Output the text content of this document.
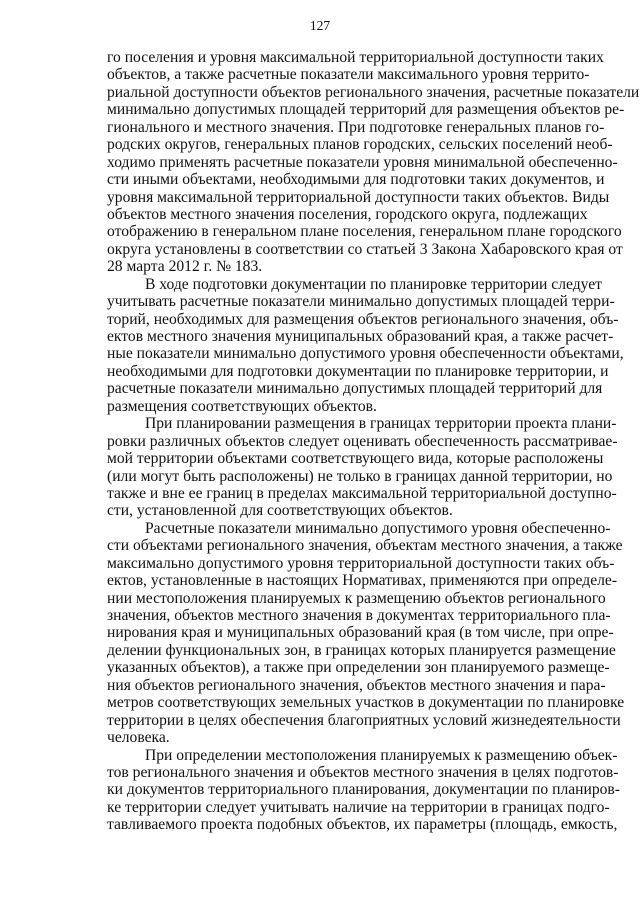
127
го поселения и уровня максимальной территориальной доступности таких
объектов, а также расчетные показатели максимального уровня террито-
риальной доступности объектов регионального значения, расчетные показатели
минимально допустимых площадей территорий для размещения объектов ре-
гионального и местного значения. При подготовке генеральных планов го-
родских округов, генеральных планов городских, сельских поселений необ-
ходимо применять расчетные показатели уровня минимальной обеспеченно-
сти иными объектами, необходимыми для подготовки таких документов, и
уровня максимальной территориальной доступности таких объектов. Виды
объектов местного значения поселения, городского округа, подлежащих
отображению в генеральном плане поселения, генеральном плане городского
округа установлены в соответствии со статьей 3 Закона Хабаровского края от
28 марта 2012 г. № 183.
В ходе подготовки документации по планировке территории следует
учитывать расчетные показатели минимально допустимых площадей терри-
торий, необходимых для размещения объектов регионального значения, объ-
ектов местного значения муниципальных образований края, а также расчет-
ные показатели минимально допустимого уровня обеспеченности объектами,
необходимыми для подготовки документации по планировке территории, и
расчетные показатели минимально допустимых площадей территорий для
размещения соответствующих объектов.
При планировании размещения в границах территории проекта плани-
ровки различных объектов следует оценивать обеспеченность рассматривае-
мой территории объектами соответствующего вида, которые расположены
(или могут быть расположены) не только в границах данной территории, но
также и вне ее границ в пределах максимальной территориальной доступно-
сти, установленной для соответствующих объектов.
Расчетные показатели минимально допустимого уровня обеспеченно-
сти объектами регионального значения, объектам местного значения, а также
максимально допустимого уровня территориальной доступности таких объ-
ектов, установленные в настоящих Нормативах, применяются при определе-
нии местоположения планируемых к размещению объектов регионального
значения, объектов местного значения в документах территориального пла-
нирования края и муниципальных образований края (в том числе, при опре-
делении функциональных зон, в границах которых планируется размещение
указанных объектов), а также при определении зон планируемого размеще-
ния объектов регионального значения, объектов местного значения и пара-
метров соответствующих земельных участков в документации по планировке
территории в целях обеспечения благоприятных условий жизнедеятельности
человека.
При определении местоположения планируемых к размещению объек-
тов регионального значения и объектов местного значения в целях подготов-
ки документов территориального планирования, документации по планиров-
ке территории следует учитывать наличие на территории в границах подго-
тавливаемого проекта подобных объектов, их параметры (площадь, емкость,
